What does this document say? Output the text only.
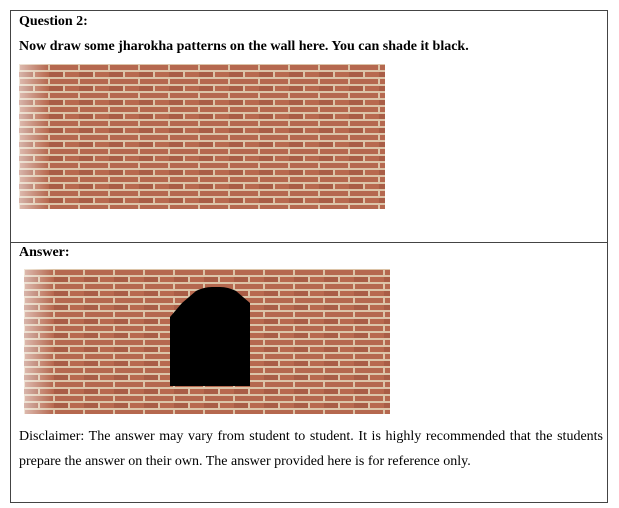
Question 2:
Now draw some jharokha patterns on the wall here. You can shade it black.
Answer:
Disclaimer: The answer may vary from student to student. It is highly recommended that the students prepare the answer on their own. The answer provided here is for reference only.
